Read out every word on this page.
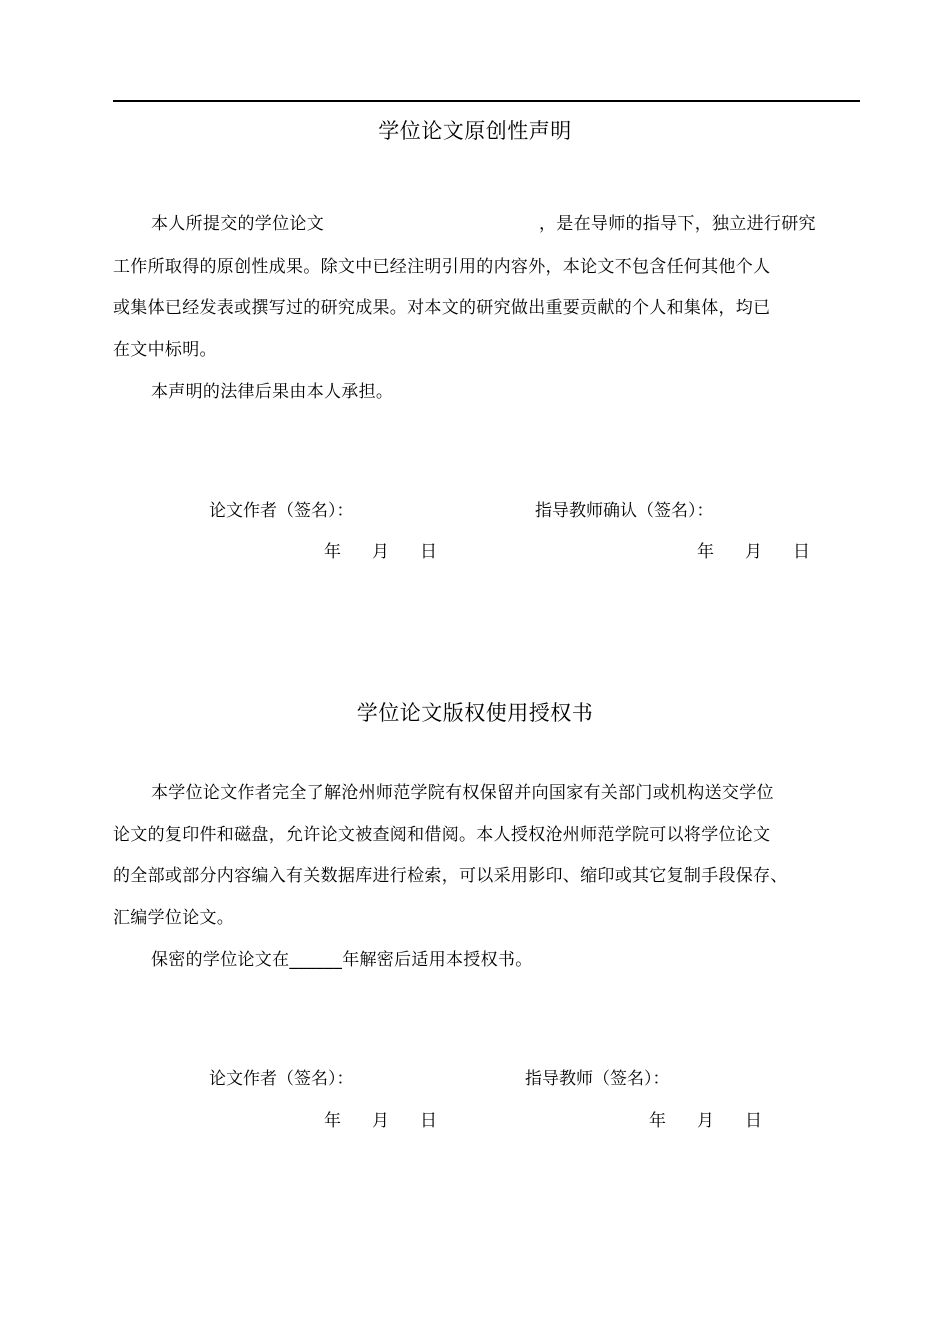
学位论文原创性声明
本人所提交的学位论文	，是在导师的指导下，独立进行研究
工作所取得的原创性成果。除文中已经注明引用的内容外，本论文不包含任何其他个人
或集体已经发表或撰写过的研究成果。对本文的研究做出重要贡献的个人和集体，均已
在文中标明。
本声明的法律后果由本人承担。
论文作者（签名）：	指导教师确认（签名）：
年 月 日	年 月 日
学位论文版权使用授权书
本学位论文作者完全了解沧州师范学院有权保留并向国家有关部门或机构送交学位
论文的复印件和磁盘，允许论文被查阅和借阅。本人授权沧州师范学院可以将学位论文
的全部或部分内容编入有关数据库进行检索，可以采用影印、缩印或其它复制手段保存、
汇编学位论文。
保密的学位论文在______年解密后适用本授权书。
论文作者（签名）：	指导教师（签名）：
年 月 日	年 月 日
